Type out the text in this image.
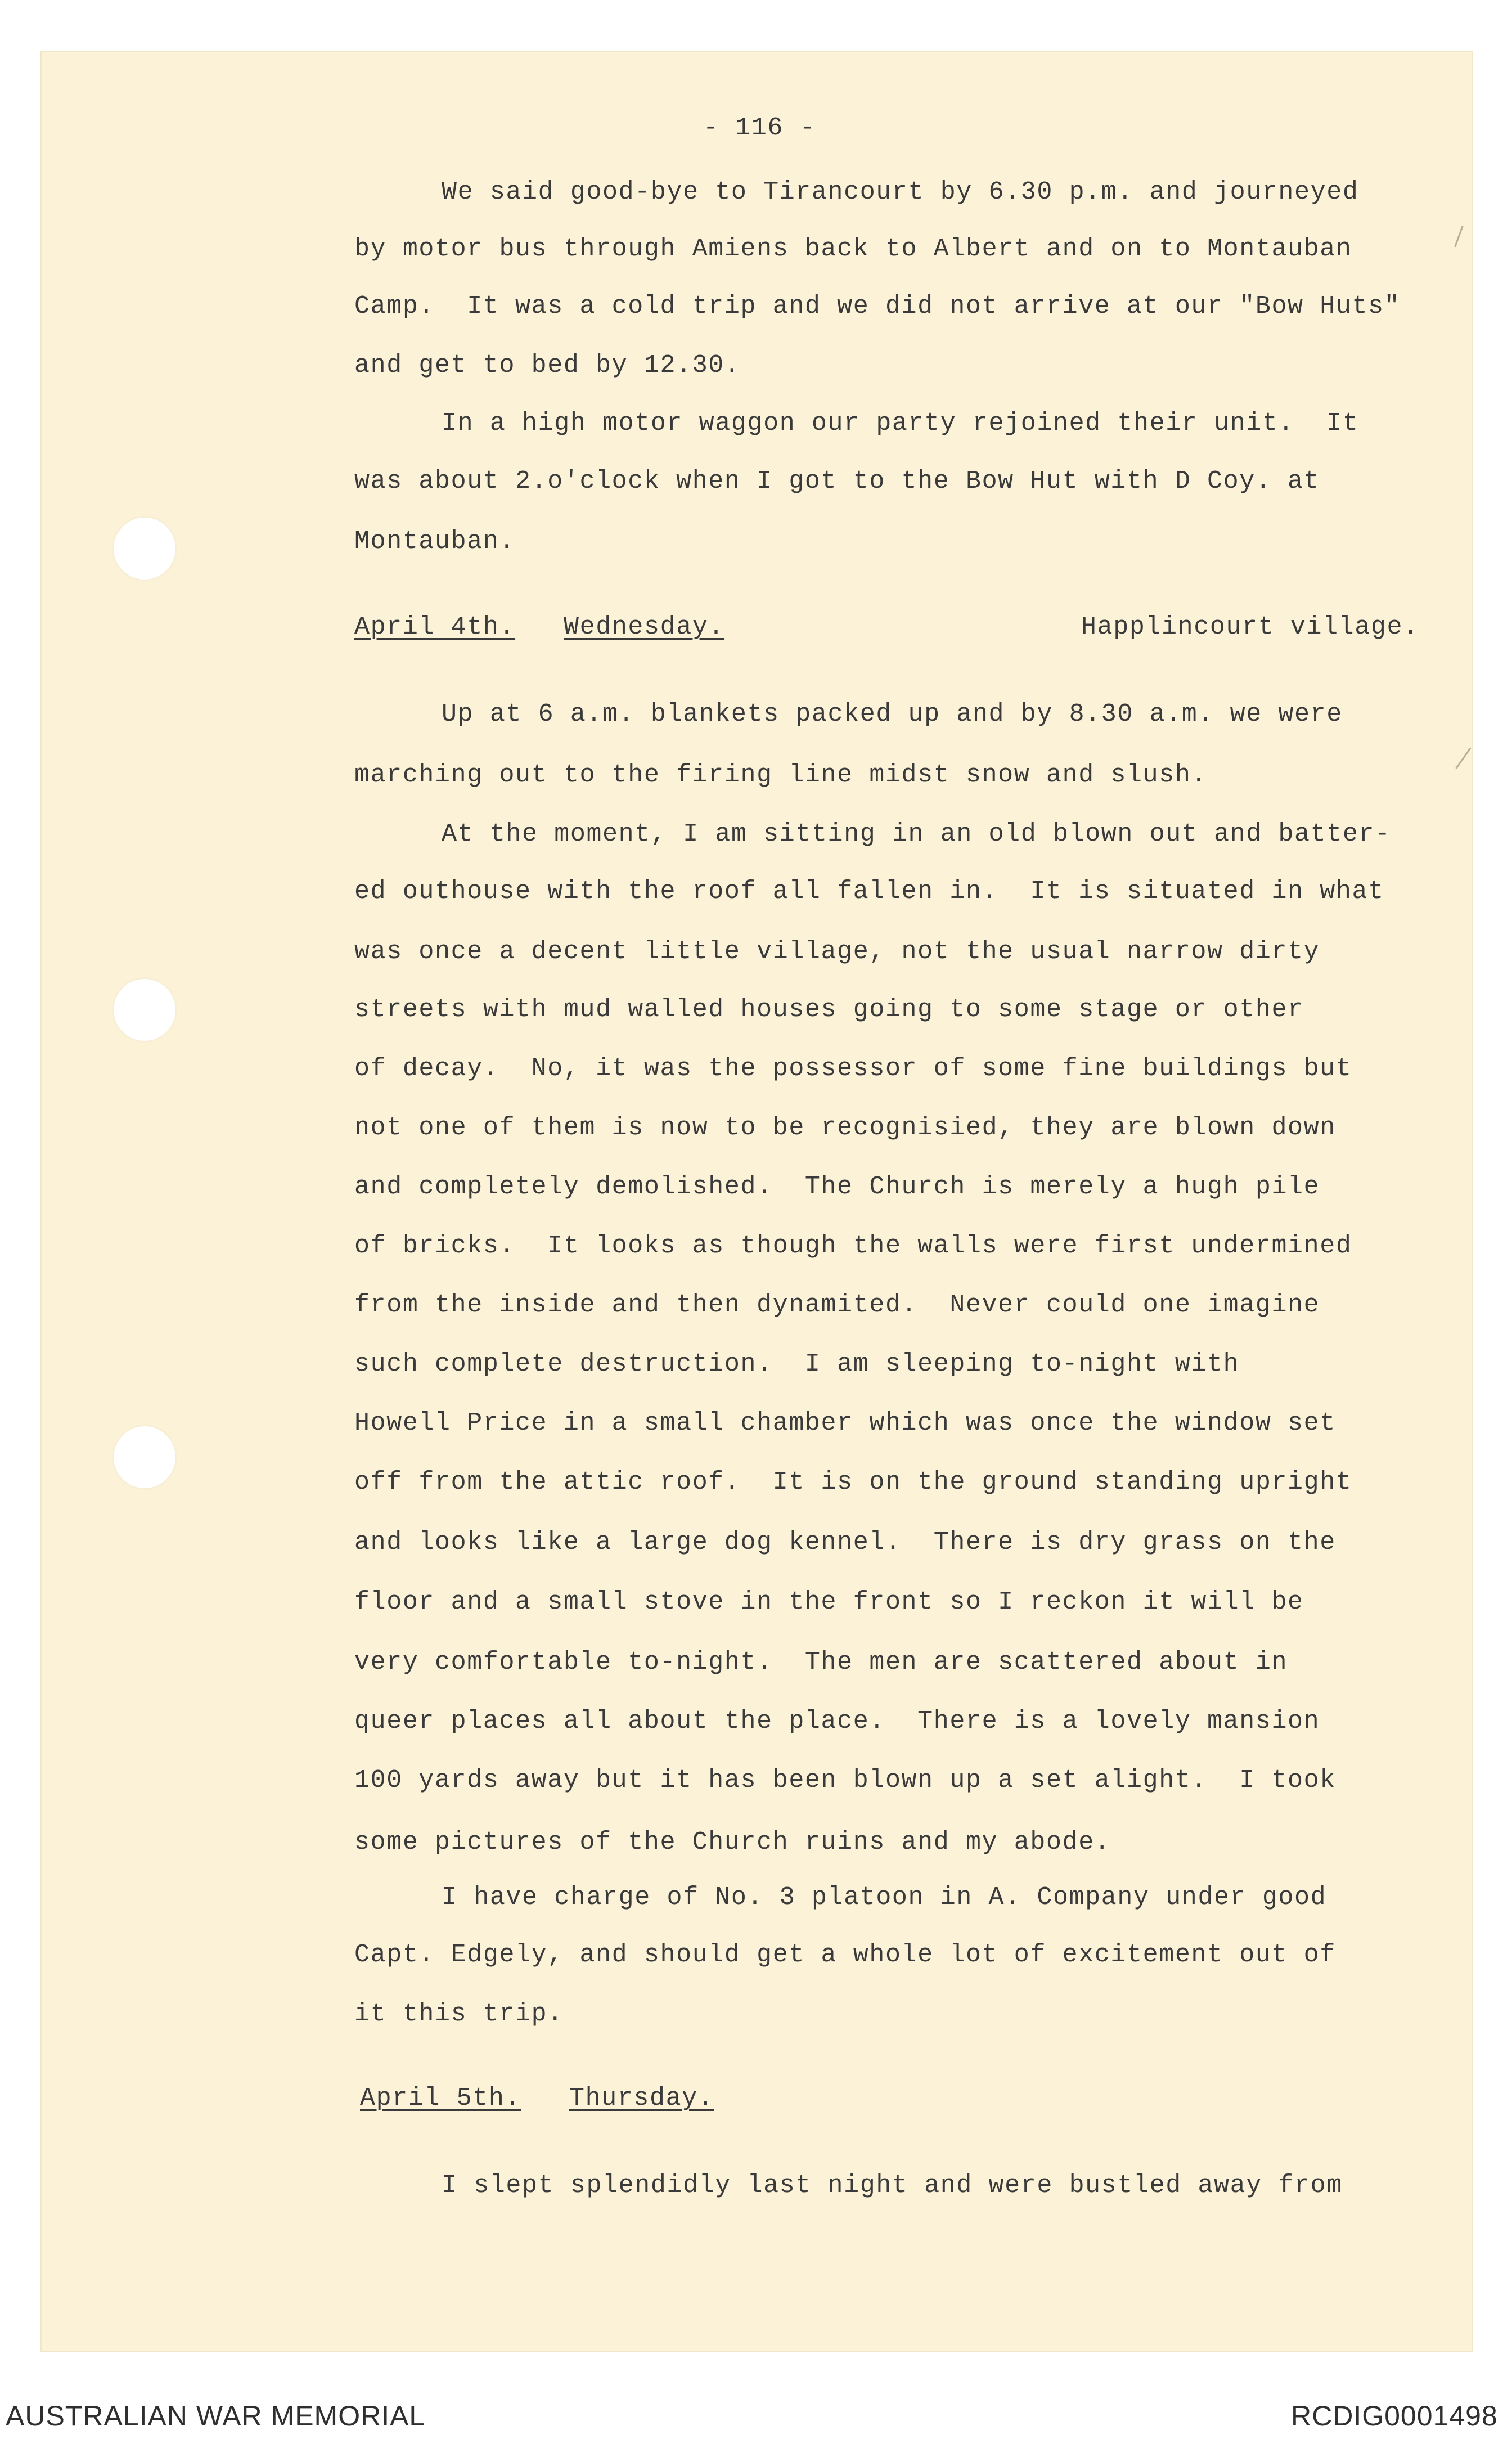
- 116 -
We said good-bye to Tirancourt by 6.30 p.m. and journeyed
by motor bus through Amiens back to Albert and on to Montauban
Camp.  It was a cold trip and we did not arrive at our "Bow Huts"
and get to bed by 12.30.
In a high motor waggon our party rejoined their unit.  It
was about 2.o'clock when I got to the Bow Hut with D Coy. at
Montauban.
April 4th. Wednesday.	Happlincourt village.
Up at 6 a.m. blankets packed up and by 8.30 a.m. we were
marching out to the firing line midst snow and slush.
At the moment, I am sitting in an old blown out and batter-
ed outhouse with the roof all fallen in.  It is situated in what
was once a decent little village, not the usual narrow dirty
streets with mud walled houses going to some stage or other
of decay.  No, it was the possessor of some fine buildings but
not one of them is now to be recognisied, they are blown down
and completely demolished.  The Church is merely a hugh pile
of bricks.  It looks as though the walls were first undermined
from the inside and then dynamited.  Never could one imagine
such complete destruction.  I am sleeping to-night with
Howell Price in a small chamber which was once the window set
off from the attic roof.  It is on the ground standing upright
and looks like a large dog kennel.  There is dry grass on the
floor and a small stove in the front so I reckon it will be
very comfortable to-night.  The men are scattered about in
queer places all about the place.  There is a lovely mansion
100 yards away but it has been blown up a set alight.  I took
some pictures of the Church ruins and my abode.
I have charge of No. 3 platoon in A. Company under good
Capt. Edgely, and should get a whole lot of excitement out of
it this trip.
April 5th. Thursday.
I slept splendidly last night and were bustled away from
AUSTRALIAN WAR MEMORIAL	RCDIG0001498
